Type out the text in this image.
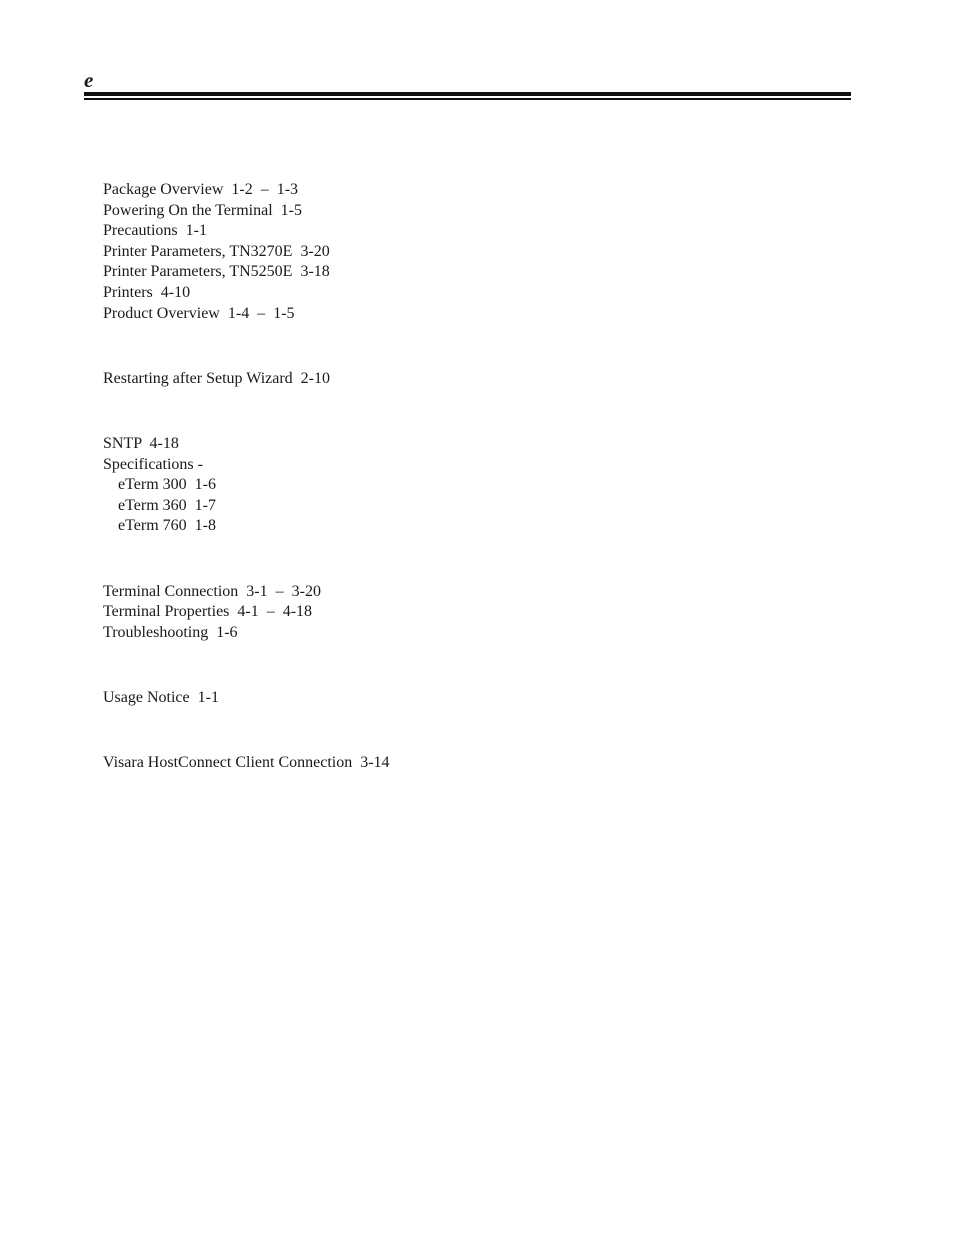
e
Package Overview  1-2  –  1-3
Powering On the Terminal  1-5
Precautions  1-1
Printer Parameters, TN3270E  3-20
Printer Parameters, TN5250E  3-18
Printers  4-10
Product Overview  1-4  –  1-5
Restarting after Setup Wizard  2-10
SNTP  4-18
Specifications -
eTerm 300  1-6
eTerm 360  1-7
eTerm 760  1-8
Terminal Connection  3-1  –  3-20
Terminal Properties  4-1  –  4-18
Troubleshooting  1-6
Usage Notice  1-1
Visara HostConnect Client Connection  3-14
